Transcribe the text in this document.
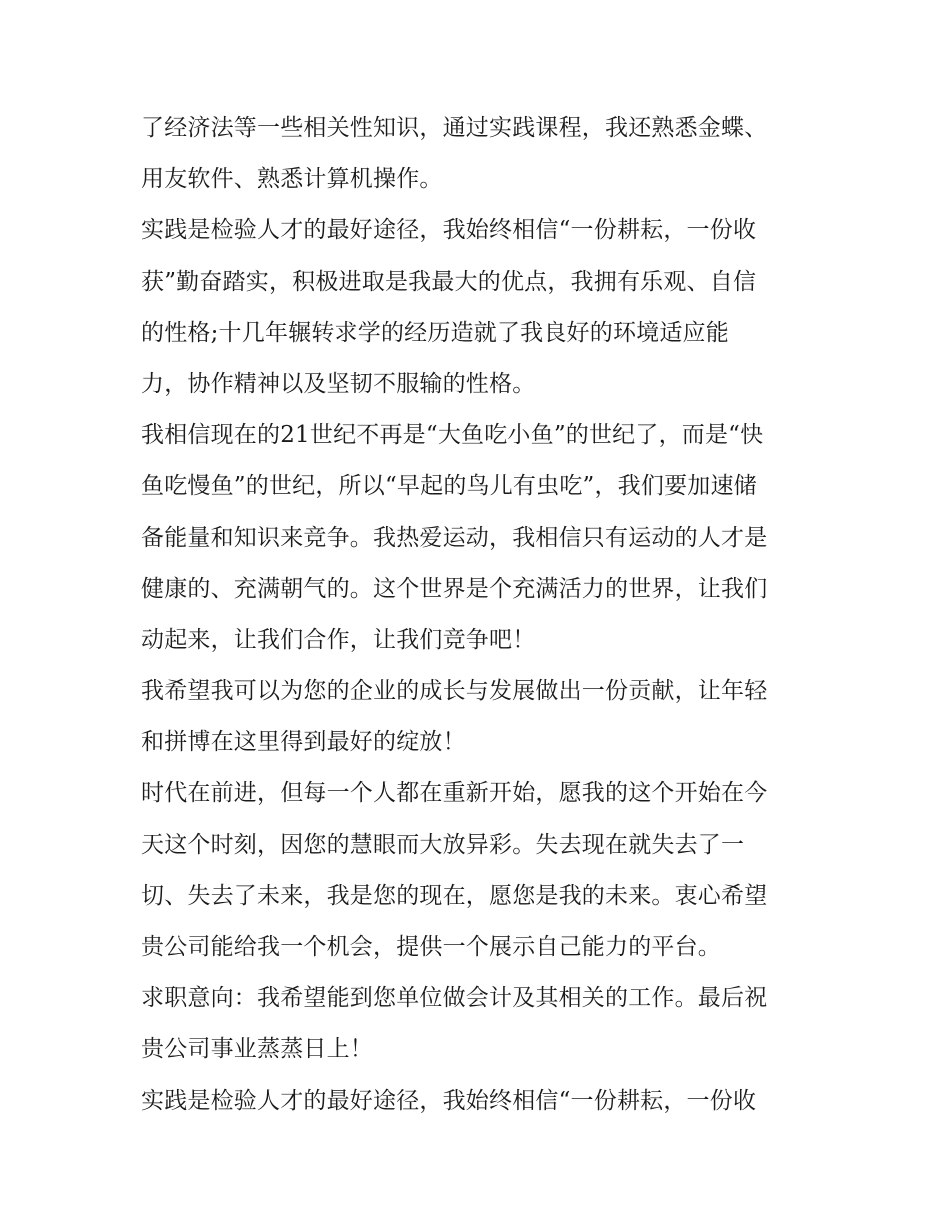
了经济法等一些相关性知识，通过实践课程，我还熟悉金蝶、
用友软件、熟悉计算机操作。
实践是检验人才的最好途径，我始终相信“一份耕耘，一份收
获”勤奋踏实，积极进取是我最大的优点，我拥有乐观、自信
的性格;十几年辗转求学的经历造就了我良好的环境适应能
力，协作精神以及坚韧不服输的性格。
我相信现在的21世纪不再是“大鱼吃小鱼”的世纪了，而是“快
鱼吃慢鱼”的世纪，所以“早起的鸟儿有虫吃”，我们要加速储
备能量和知识来竞争。我热爱运动，我相信只有运动的人才是
健康的、充满朝气的。这个世界是个充满活力的世界，让我们
动起来，让我们合作，让我们竞争吧！
我希望我可以为您的企业的成长与发展做出一份贡献，让年轻
和拼博在这里得到最好的绽放！
时代在前进，但每一个人都在重新开始，愿我的这个开始在今
天这个时刻，因您的慧眼而大放异彩。失去现在就失去了一
切、失去了未来，我是您的现在，愿您是我的未来。衷心希望
贵公司能给我一个机会，提供一个展示自己能力的平台。
求职意向：我希望能到您单位做会计及其相关的工作。最后祝
贵公司事业蒸蒸日上！
实践是检验人才的最好途径，我始终相信“一份耕耘，一份收
